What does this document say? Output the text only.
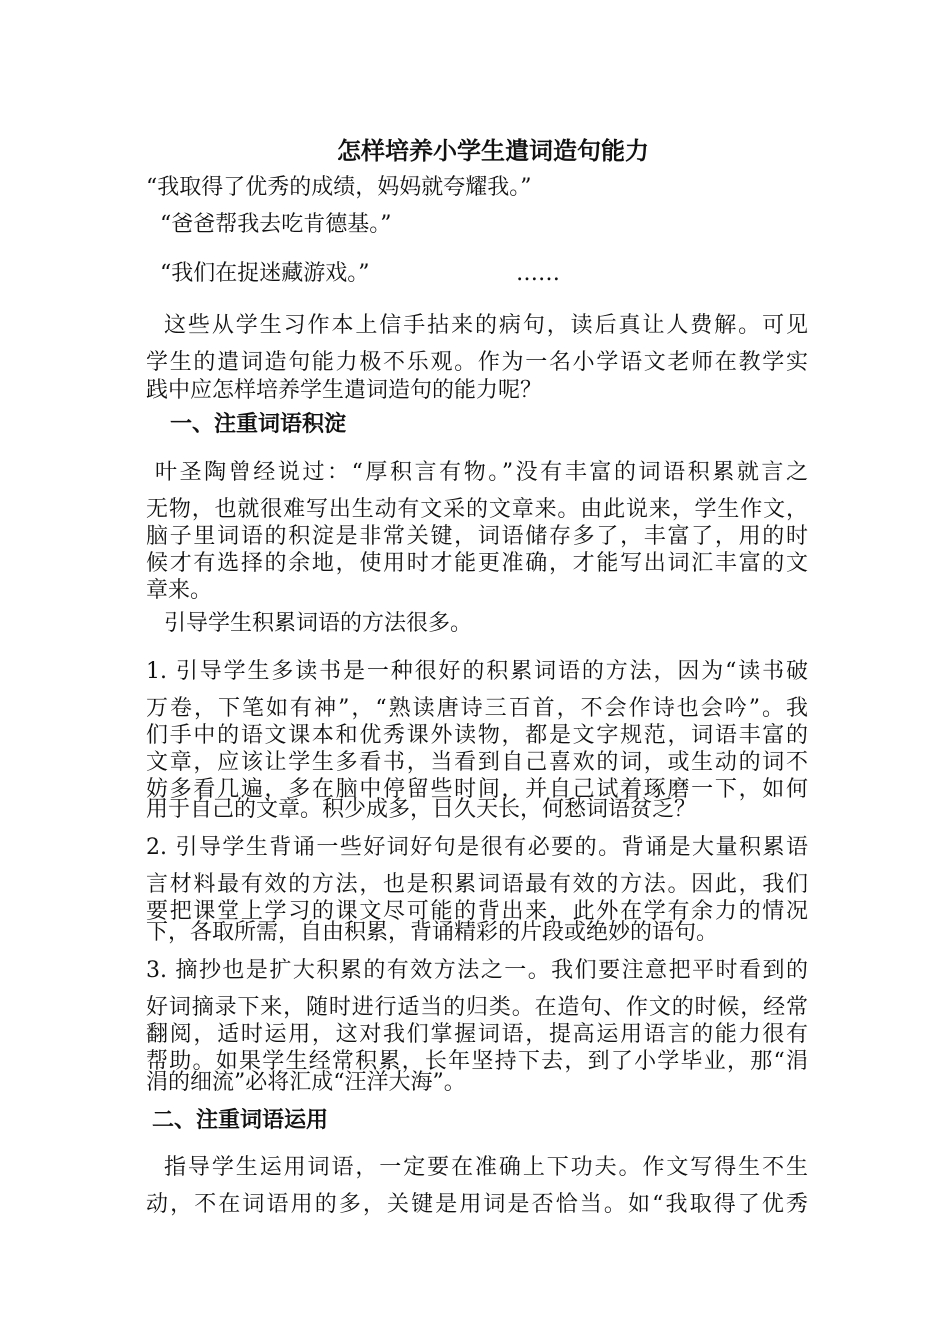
怎样培养小学生遣词造句能力
“我取得了优秀的成绩，妈妈就夸耀我。”
“爸爸帮我去吃肯德基。”
“我们在捉迷藏游戏。”	……
这些从学生习作本上信手拈来的病句，读后真让人费解。可见
学生的遣词造句能力极不乐观。作为一名小学语文老师在教学实
践中应怎样培养学生遣词造句的能力呢？
一、注重词语积淀
叶圣陶曾经说过：“厚积言有物。”没有丰富的词语积累就言之
无物，也就很难写出生动有文采的文章来。由此说来，学生作文，
脑子里词语的积淀是非常关键，词语储存多了，丰富了，用的时
候才有选择的余地，使用时才能更准确，才能写出词汇丰富的文
章来。
引导学生积累词语的方法很多。
1. 引导学生多读书是一种很好的积累词语的方法，因为“读书破
万卷，下笔如有神”，“熟读唐诗三百首，不会作诗也会吟”。我
们手中的语文课本和优秀课外读物，都是文字规范，词语丰富的
文章，应该让学生多看书，当看到自己喜欢的词，或生动的词不
妨多看几遍，多在脑中停留些时间，并自己试着琢磨一下，如何
用于自己的文章。积少成多，日久天长，何愁词语贫乏？
2. 引导学生背诵一些好词好句是很有必要的。背诵是大量积累语
言材料最有效的方法，也是积累词语最有效的方法。因此，我们
要把课堂上学习的课文尽可能的背出来，此外在学有余力的情况
下，各取所需，自由积累，背诵精彩的片段或绝妙的语句。
3. 摘抄也是扩大积累的有效方法之一。我们要注意把平时看到的
好词摘录下来，随时进行适当的归类。在造句、作文的时候，经常
翻阅，适时运用，这对我们掌握词语，提高运用语言的能力很有
帮助。如果学生经常积累，长年坚持下去，到了小学毕业，那“涓
涓的细流”必将汇成“汪洋大海”。
二、注重词语运用
指导学生运用词语，一定要在准确上下功夫。作文写得生不生
动，不在词语用的多，关键是用词是否恰当。如“我取得了优秀
